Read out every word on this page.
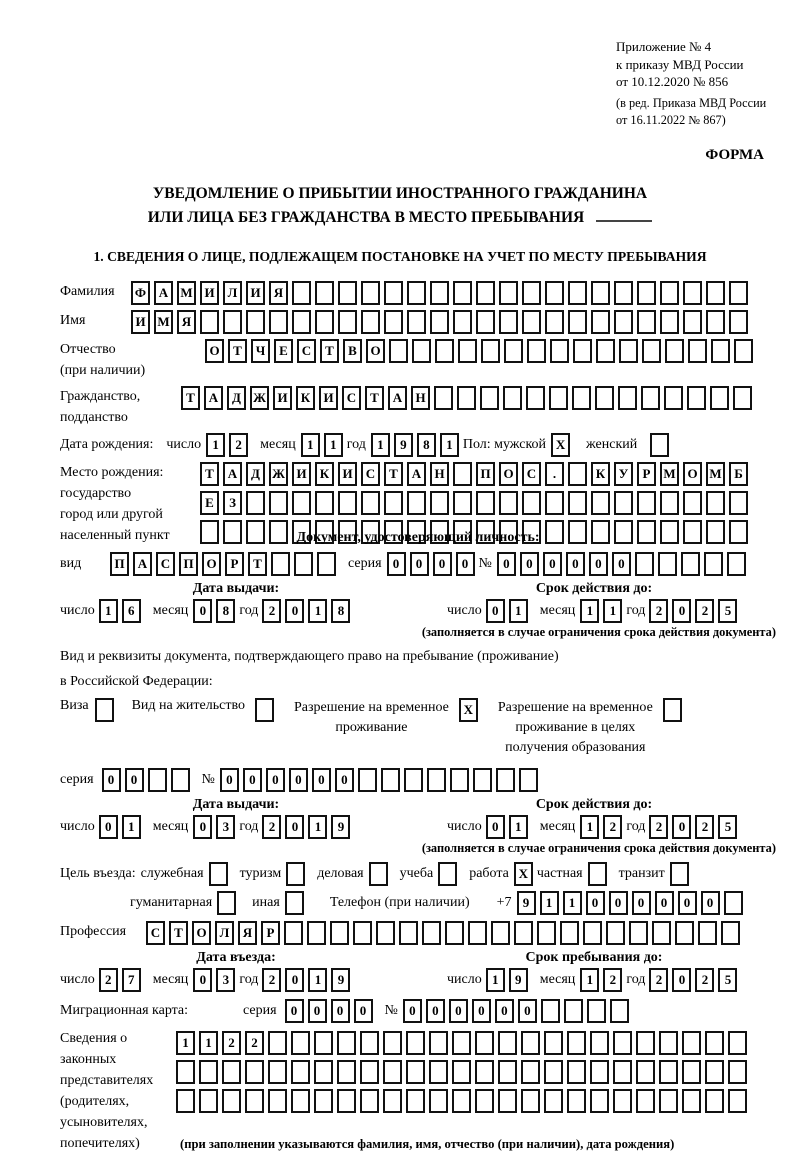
Приложение № 4
к приказу МВД России
от 10.12.2020 № 856
(в ред. Приказа МВД России
от 16.11.2022 № 867)
ФОРМА
УВЕДОМЛЕНИЕ О ПРИБЫТИИ ИНОСТРАННОГО ГРАЖДАНИНА
ИЛИ ЛИЦА БЕЗ ГРАЖДАНСТВА В МЕСТО ПРЕБЫВАНИЯ
1. СВЕДЕНИЯ О ЛИЦЕ, ПОДЛЕЖАЩЕМ ПОСТАНОВКЕ НА УЧЕТ ПО МЕСТУ ПРЕБЫВАНИЯ
Фамилия	Ф А М И	Л	И	Я
Имя	И М Я
Отчество
(при наличии)
О	Т	Ч	Е	С	Т	В	О
Гражданство,
подданство
Т	А	Д Ж И	К	И	С	Т	А	Н
Дата рождения: число 1	2	месяц 1	1 год 1	9	8	1 Пол: мужской X	женский
Место рождения:
государство
город или другой
населенный пункт
Т	А	Д Ж И	К	И	С	Т	А	Н	П О	С	.	К	У	Р М О М Б
Е	З
Документ, удостоверяющий личность:
вид	П	А	С	П О	Р	Т	серия 0	0	0	0 № 0	0	0	0	0	0
Дата выдачи:	Срок действия до:
число 1	6	месяц 0	8 год 2	0	1	8	число 0	1	месяц 1	1 год 2	0	2	5
(заполняется в случае ограничения срока действия документа)
Вид и реквизиты документа, подтверждающего право на пребывание (проживание)
в Российской Федерации:
Виза	Вид на жительство	Разрешение на временное
проживание
X	Разрешение на временное
проживание в целях
получения образования
серия	0	0	№ 0	0	0	0	0	0
Дата выдачи:	Срок действия до:
число 0	1	месяц 0	3 год 2	0	1	9	число 0	1	месяц 1	2 год 2	0	2	5
(заполняется в случае ограничения срока действия документа)
Цель въезда: служебная	туризм	деловая	учеба	работа X частная	транзит
гуманитарная	иная	Телефон (при наличии) +7 9	1	1	0	0	0	0	0	0
Профессия	С	Т	О	Л	Я	Р
Дата въезда:	Срок пребывания до:
число 2	7	месяц 0	3 год 2	0	1	9	число 1	9	месяц 1	2 год 2	0	2	5
Миграционная карта:	серия	0	0	0	0	№ 0	0	0	0	0	0
Сведения о
законных
представителях
(родителях,
усыновителях,
попечителях)
1	1	2	2
(при заполнении указываются фамилия, имя, отчество (при наличии), дата рождения)
